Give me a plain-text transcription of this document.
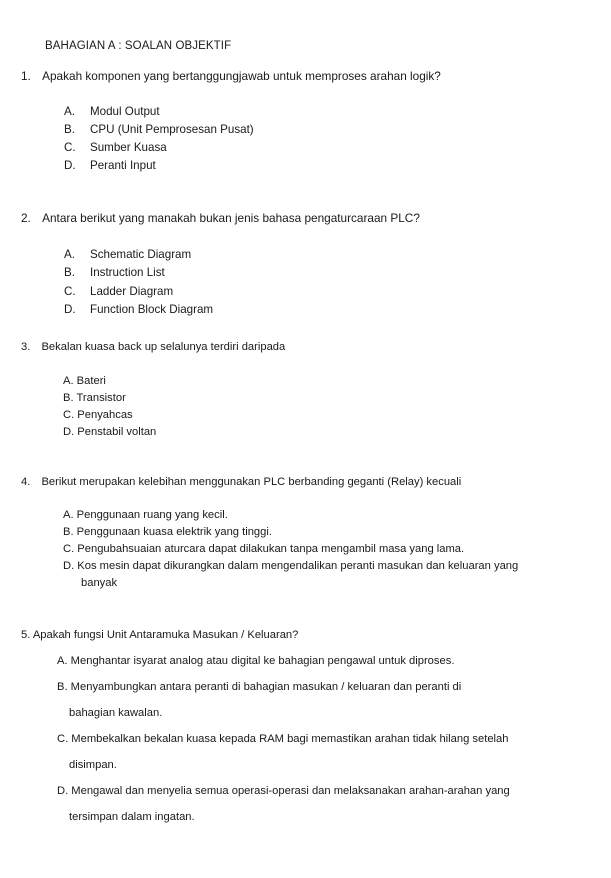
BAHAGIAN A : SOALAN OBJEKTIF
1. Apakah komponen yang bertanggungjawab untuk memproses arahan logik?
A. Modul Output
B. CPU (Unit Pemprosesan Pusat)
C. Sumber Kuasa
D. Peranti Input
2. Antara berikut yang manakah bukan jenis bahasa pengaturcaraan PLC?
A. Schematic Diagram
B. Instruction List
C. Ladder Diagram
D. Function Block Diagram
3. Bekalan kuasa back up selalunya terdiri daripada
A. Bateri
B. Transistor
C. Penyahcas
D. Penstabil voltan
4. Berikut merupakan kelebihan menggunakan PLC berbanding geganti (Relay) kecuali
A. Penggunaan ruang yang kecil.
B. Penggunaan kuasa elektrik yang tinggi.
C. Pengubahsuaian aturcara dapat dilakukan tanpa mengambil masa yang lama.
D. Kos mesin dapat dikurangkan dalam mengendalikan peranti masukan dan keluaran yang
banyak
5. Apakah fungsi Unit Antaramuka Masukan / Keluaran?
A. Menghantar isyarat analog atau digital ke bahagian pengawal untuk diproses.
B. Menyambungkan antara peranti di bahagian masukan / keluaran dan peranti di
bahagian kawalan.
C. Membekalkan bekalan kuasa kepada RAM bagi memastikan arahan tidak hilang setelah
disimpan.
D. Mengawal dan menyelia semua operasi-operasi dan melaksanakan arahan-arahan yang
tersimpan dalam ingatan.
